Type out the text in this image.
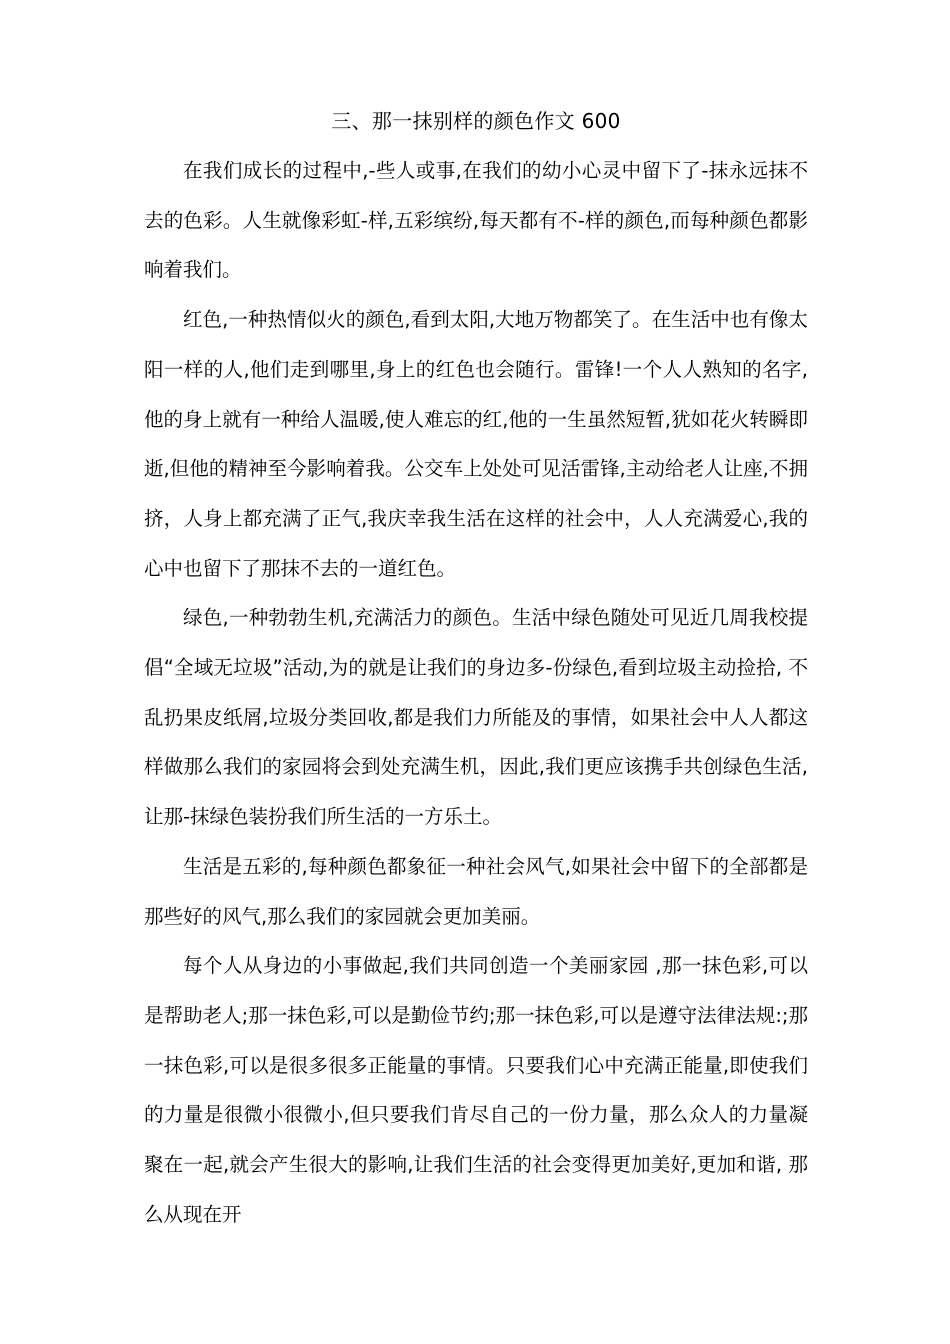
三、那一抹别样的颜色作文 600

在我们成长的过程中,-些人或事,在我们的幼小心灵中留下了-抹永远抹不去的色彩。人生就像彩虹-样,五彩缤纷,每天都有不-样的颜色,而每种颜色都影响着我们。

红色,一种热情似火的颜色,看到太阳,大地万物都笑了。在生活中也有像太阳一样的人,他们走到哪里,身上的红色也会随行。雷锋!一个人人熟知的名字,他的身上就有一种给人温暖,使人难忘的红,他的一生虽然短暂,犹如花火转瞬即逝,但他的精神至今影响着我。公交车上处处可见活雷锋,主动给老人让座,不拥挤，人身上都充满了正气,我庆幸我生活在这样的社会中，人人充满爱心,我的心中也留下了那抹不去的一道红色。

绿色,一种勃勃生机,充满活力的颜色。生活中绿色随处可见近几周我校提倡“全域无垃圾”活动,为的就是让我们的身边多-份绿色,看到垃圾主动捡拾, 不乱扔果皮纸屑,垃圾分类回收,都是我们力所能及的事情，如果社会中人人都这样做那么我们的家园将会到处充满生机，因此,我们更应该携手共创绿色生活,让那-抹绿色装扮我们所生活的一方乐土。

生活是五彩的,每种颜色都象征一种社会风气,如果社会中留下的全部都是那些好的风气,那么我们的家园就会更加美丽。

每个人从身边的小事做起,我们共同创造一个美丽家园 ,那一抹色彩,可以是帮助老人;那一抹色彩,可以是勤俭节约;那一抹色彩,可以是遵守法律法规:;那一抹色彩,可以是很多很多正能量的事情。只要我们心中充满正能量,即使我们的力量是很微小很微小,但只要我们肯尽自己的一份力量，那么众人的力量凝聚在一起,就会产生很大的影响,让我们生活的社会变得更加美好,更加和谐, 那么从现在开
